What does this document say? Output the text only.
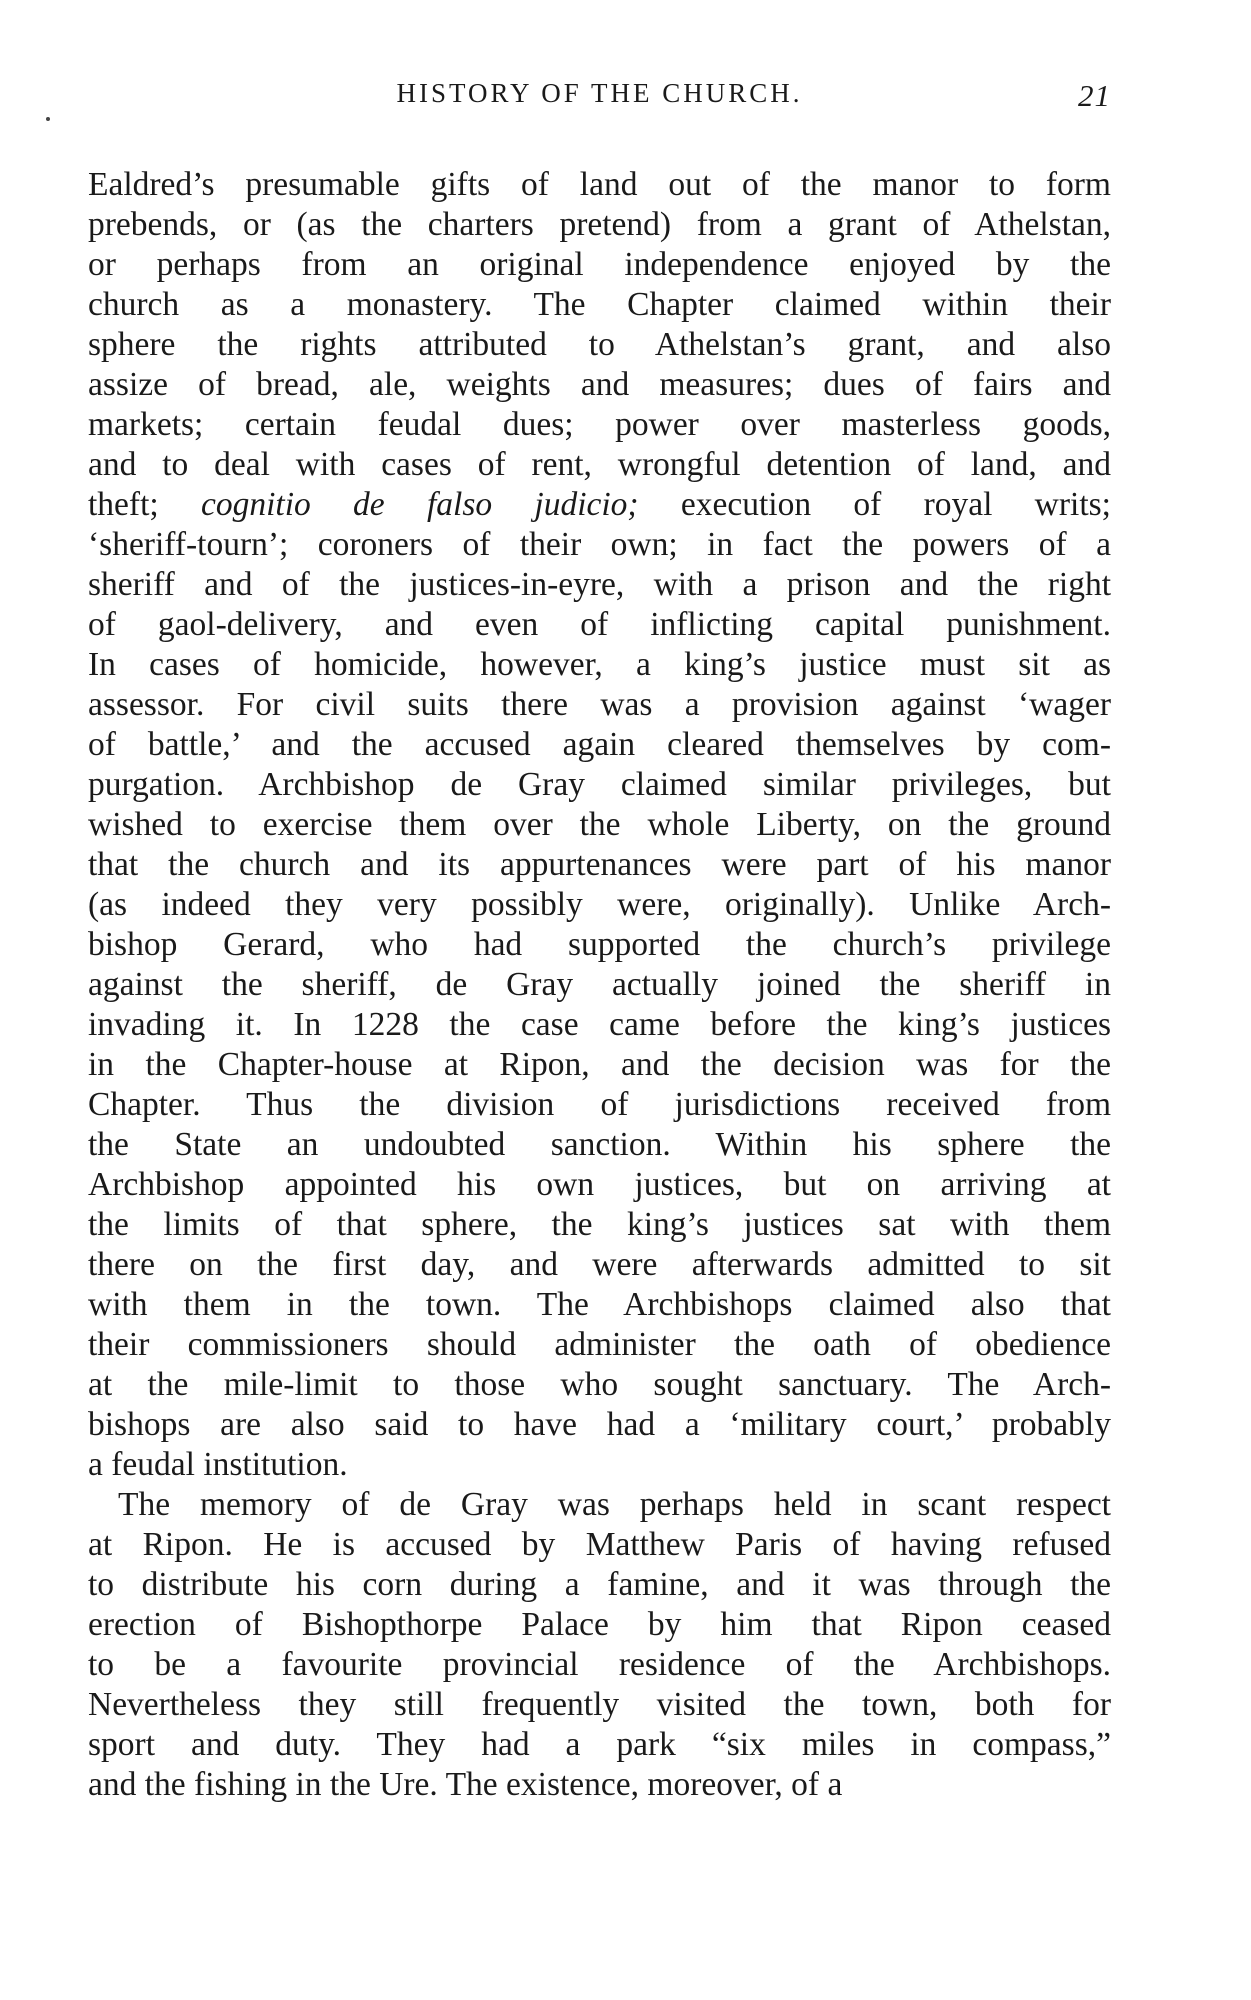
HISTORY OF THE CHURCH.	21
Ealdred’s presumable gifts of land out of the manor to form
prebends, or (as the charters pretend) from a grant of Athelstan,
or perhaps from an original independence enjoyed by the
church as a monastery. The Chapter claimed within their
sphere the rights attributed to Athelstan’s grant, and also
assize of bread, ale, weights and measures; dues of fairs and
markets; certain feudal dues; power over masterless goods,
and to deal with cases of rent, wrongful detention of land, and
theft; cognitio de falso judicio; execution of royal writs;
‘sheriff-tourn’; coroners of their own; in fact the powers of a
sheriff and of the justices-in-eyre, with a prison and the right
of gaol-delivery, and even of inflicting capital punishment.
In cases of homicide, however, a king’s justice must sit as
assessor. For civil suits there was a provision against ‘wager
of battle,’ and the accused again cleared themselves by com-
purgation. Archbishop de Gray claimed similar privileges, but
wished to exercise them over the whole Liberty, on the ground
that the church and its appurtenances were part of his manor
(as indeed they very possibly were, originally). Unlike Arch-
bishop Gerard, who had supported the church’s privilege
against the sheriff, de Gray actually joined the sheriff in
invading it. In 1228 the case came before the king’s justices
in the Chapter-house at Ripon, and the decision was for the
Chapter. Thus the division of jurisdictions received from
the State an undoubted sanction. Within his sphere the
Archbishop appointed his own justices, but on arriving at
the limits of that sphere, the king’s justices sat with them
there on the first day, and were afterwards admitted to sit
with them in the town. The Archbishops claimed also that
their commissioners should administer the oath of obedience
at the mile-limit to those who sought sanctuary. The Arch-
bishops are also said to have had a ‘military court,’ probably
a feudal institution.
The memory of de Gray was perhaps held in scant respect
at Ripon. He is accused by Matthew Paris of having refused
to distribute his corn during a famine, and it was through the
erection of Bishopthorpe Palace by him that Ripon ceased
to be a favourite provincial residence of the Archbishops.
Nevertheless they still frequently visited the town, both for
sport and duty. They had a park “six miles in compass,”
and the fishing in the Ure. The existence, moreover, of a
